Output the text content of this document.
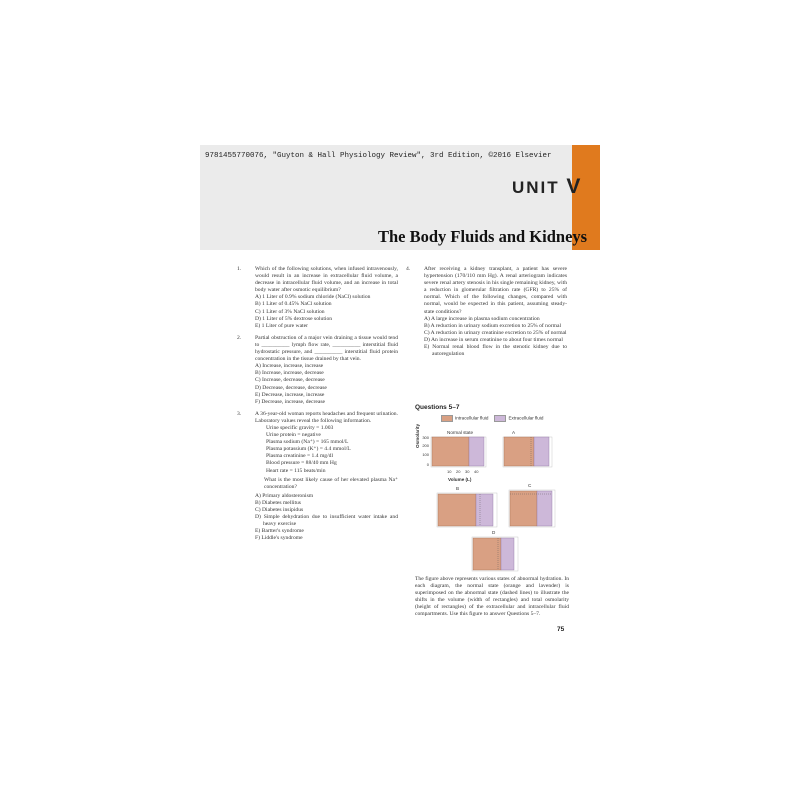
9781455770076, "Guyton & Hall Physiology Review", 3rd Edition, ©2016 Elsevier
UNIT V
The Body Fluids and Kidneys

1. Which of the following solutions, when infused intravenously, would result in an increase in extracellular fluid volume, a decrease in intracellular fluid volume, and an increase in total body water after osmotic equilibrium?

A) 1 Liter of 0.9% sodium chloride (NaCl) solution

B) 1 Liter of 0.45% NaCl solution

C) 1 Liter of 3% NaCl solution

D) 1 Liter of 5% dextrose solution

E) 1 Liter of pure water

2. Partial obstruction of a major vein draining a tissue would tend to __________ lymph flow rate, __________ interstitial fluid hydrostatic pressure, and __________ interstitial fluid protein concentration in the tissue drained by that vein.

A) Increase, increase, increase

B) Increase, increase, decrease

C) Increase, decrease, decrease

D) Decrease, decrease, decrease

E) Decrease, increase, increase

F) Decrease, increase, decrease

3. A 36-year-old woman reports headaches and frequent urination. Laboratory values reveal the following information.

Urine specific gravity = 1.003

Urine protein = negative

Plasma sodium (Na⁺) = 165 mmol/L

Plasma potassium (K⁺) = 4.4 mmol/L

Plasma creatinine = 1.4 mg/dl

Blood pressure = 88/40 mm Hg

Heart rate = 115 beats/min

What is the most likely cause of her elevated plasma Na⁺ concentration?

A) Primary aldosteronism

B) Diabetes mellitus

C) Diabetes insipidus

D) Simple dehydration due to insufficient water intake and heavy exercise

E) Bartter's syndrome

F) Liddle's syndrome

4. After receiving a kidney transplant, a patient has severe hypertension (170/110 mm Hg). A renal arteriogram indicates severe renal artery stenosis in his single remaining kidney, with a reduction in glomerular filtration rate (GFR) to 25% of normal. Which of the following changes, compared with normal, would be expected in this patient, assuming steady-state conditions?

A) A large increase in plasma sodium concentration

B) A reduction in urinary sodium excretion to 25% of normal

C) A reduction in urinary creatinine excretion to 25% of normal

D) An increase in serum creatinine to about four times normal

E) Normal renal blood flow in the stenotic kidney due to autoregulation

Questions 5–7

Intracellular fluid	Extracellular fluid
Normal state
300
200
100
0
Osmolarity
10 20 30 40
Volume (L)
A
B
C
D
The figure above represents various states of abnormal hydration. In each diagram, the normal state (orange and lavender) is superimposed on the abnormal state (dashed lines) to illustrate the shifts in the volume (width of rectangles) and total osmolarity (height of rectangles) of the extracellular and intracellular fluid compartments. Use this figure to answer Questions 5–7.
75
